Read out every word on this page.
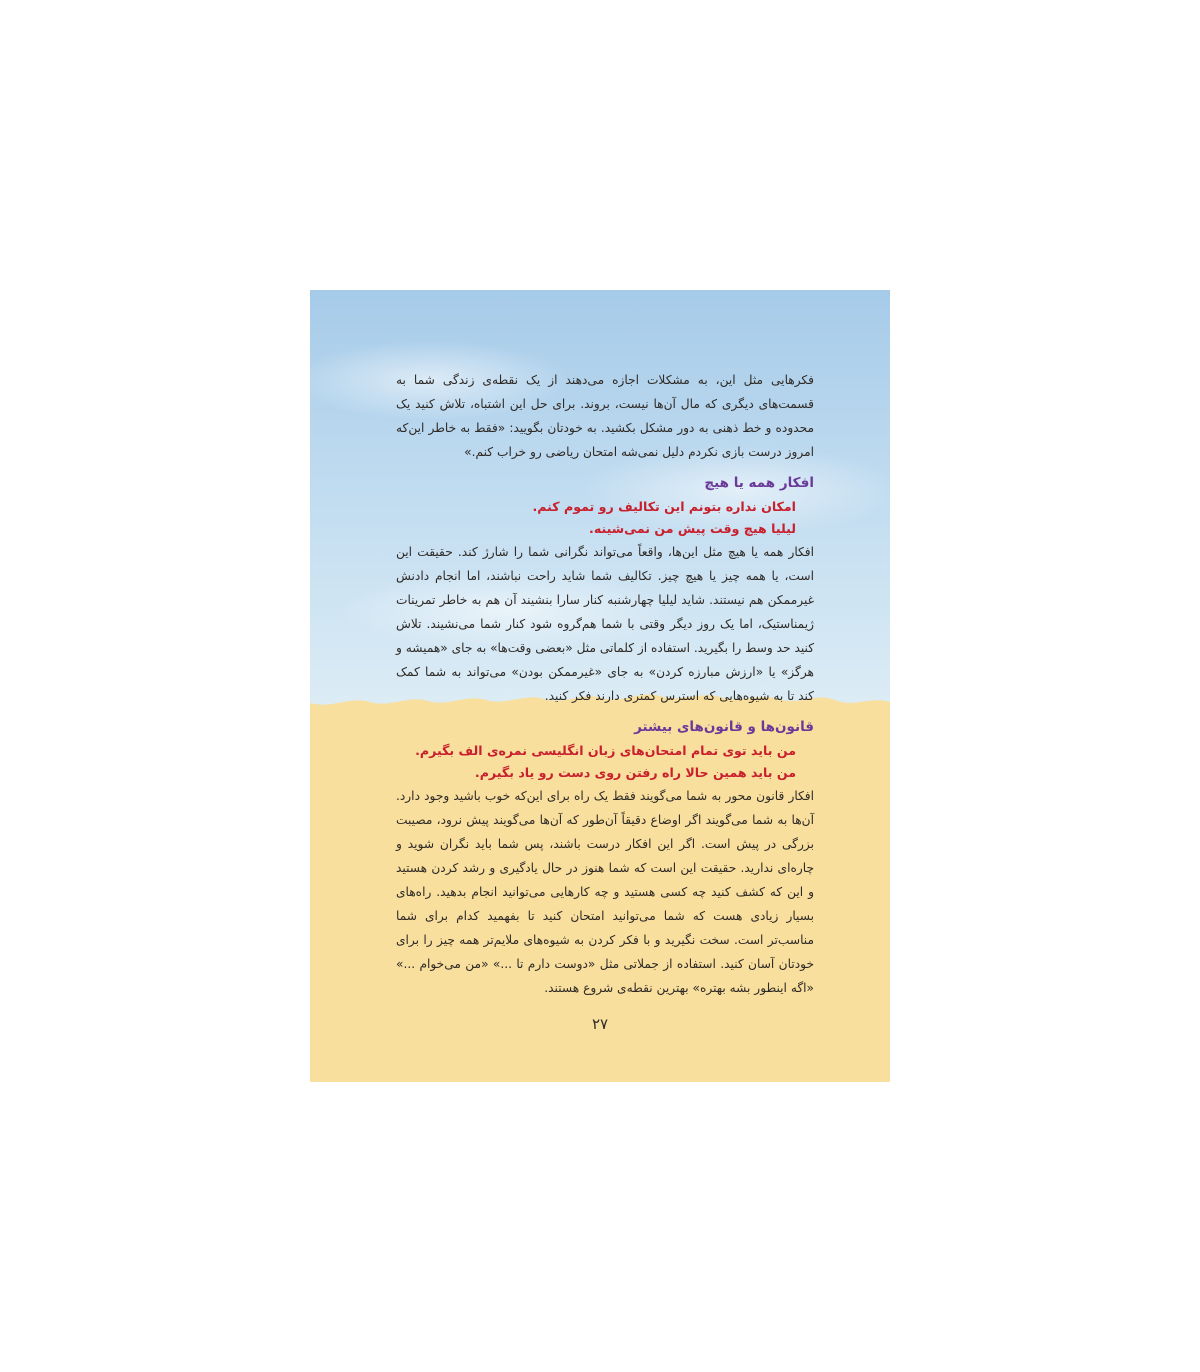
فکرهایی مثل این، به مشکلات اجازه می‌دهند از یک نقطه‌ی زندگی شما به قسمت‌های دیگری که مال آن‌ها نیست، بروند. برای حل این اشتباه، تلاش کنید یک محدوده و خط ذهنی به دور مشکل بکشید. به خودتان بگویید: «فقط به خاطر این‌که امروز درست بازی نکردم دلیل نمی‌شه امتحان ریاضی رو خراب کنم.»

افکار همه یا هیچ
امکان نداره بتونم این تکالیف رو تموم کنم.
لیلیا هیچ وقت پیش من نمی‌شینه.

افکار همه یا هیچ مثل این‌ها، واقعاً می‌تواند نگرانی شما را شارژ کند. حقیقت این است، یا همه چیز یا هیچ چیز. تکالیف شما شاید راحت نباشند، اما انجام دادنش غیرممکن هم نیستند. شاید لیلیا چهارشنبه کنار سارا بنشیند آن هم به خاطر تمرینات ژیمناستیک، اما یک روز دیگر وقتی با شما هم‌گروه شود کنار شما می‌نشیند. تلاش کنید حد وسط را بگیرید. استفاده از کلماتی مثل «بعضی وقت‌ها» به جای «همیشه و هرگز» یا «ارزش مبارزه کردن» به جای «غیرممکن بودن» می‌تواند به شما کمک کند تا به شیوه‌هایی که استرس کمتری دارند فکر کنید.

قانون‌ها و قانون‌های بیشتر
من باید توی تمام امتحان‌های زبان انگلیسی نمره‌ی الف بگیرم.
من باید همین حالا راه رفتن روی دست رو یاد بگیرم.

افکار قانون محور به شما می‌گویند فقط یک راه برای این‌که خوب باشید وجود دارد. آن‌ها به شما می‌گویند اگر اوضاع دقیقاً آن‌طور که آن‌ها می‌گویند پیش نرود، مصیبت بزرگی در پیش است. اگر این افکار درست باشند، پس شما باید نگران شوید و چاره‌ای ندارید. حقیقت این است که شما هنوز در حال یادگیری و رشد کردن هستید و این که کشف کنید چه کسی هستید و چه کارهایی می‌توانید انجام بدهید. راه‌های بسیار زیادی هست که شما می‌توانید امتحان کنید تا بفهمید کدام برای شما مناسب‌تر است. سخت نگیرید و با فکر کردن به شیوه‌های ملایم‌تر همه چیز را برای خودتان آسان کنید. استفاده از جملاتی مثل «دوست دارم تا ...» «من می‌خوام ...» «اگه اینطور بشه بهتره» بهترین نقطه‌ی شروع هستند.

۲۷
